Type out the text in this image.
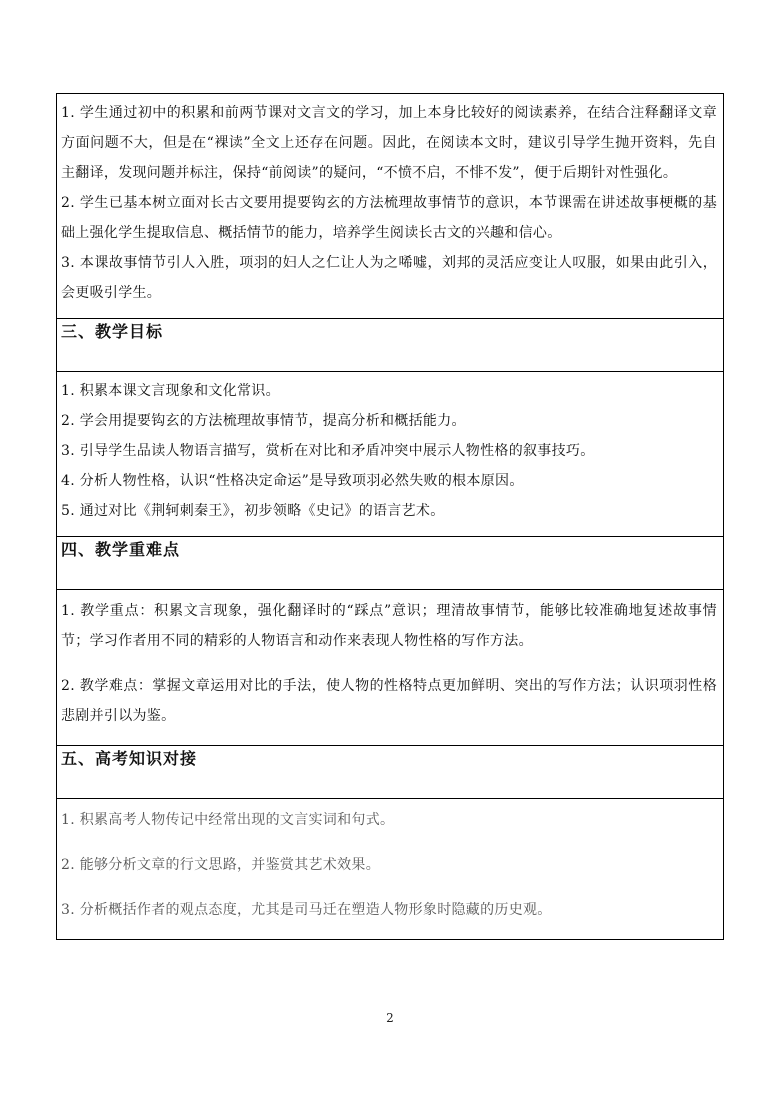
1. 学生通过初中的积累和前两节课对文言文的学习，加上本身比较好的阅读素养，在结合注释翻译文章方面问题不大，但是在“裸读”全文上还存在问题。因此，在阅读本文时，建议引导学生抛开资料，先自主翻译，发现问题并标注，保持“前阅读”的疑问，“不愤不启，不悱不发”，便于后期针对性强化。

2. 学生已基本树立面对长古文要用提要钩玄的方法梳理故事情节的意识，本节课需在讲述故事梗概的基础上强化学生提取信息、概括情节的能力，培养学生阅读长古文的兴趣和信心。

3. 本课故事情节引人入胜，项羽的妇人之仁让人为之唏嘘，刘邦的灵活应变让人叹服，如果由此引入，会更吸引学生。

三、教学目标

1. 积累本课文言现象和文化常识。

2. 学会用提要钩玄的方法梳理故事情节，提高分析和概括能力。

3. 引导学生品读人物语言描写，赏析在对比和矛盾冲突中展示人物性格的叙事技巧。

4. 分析人物性格，认识“性格决定命运”是导致项羽必然失败的根本原因。

5. 通过对比《荆轲刺秦王》，初步领略《史记》的语言艺术。

四、教学重难点

1. 教学重点：积累文言现象，强化翻译时的“踩点”意识；理清故事情节，能够比较准确地复述故事情节；学习作者用不同的精彩的人物语言和动作来表现人物性格的写作方法。

2. 教学难点：掌握文章运用对比的手法，使人物的性格特点更加鲜明、突出的写作方法；认识项羽性格悲剧并引以为鉴。

五、高考知识对接

1. 积累高考人物传记中经常出现的文言实词和句式。

2. 能够分析文章的行文思路，并鉴赏其艺术效果。

3. 分析概括作者的观点态度，尤其是司马迁在塑造人物形象时隐藏的历史观。

2
